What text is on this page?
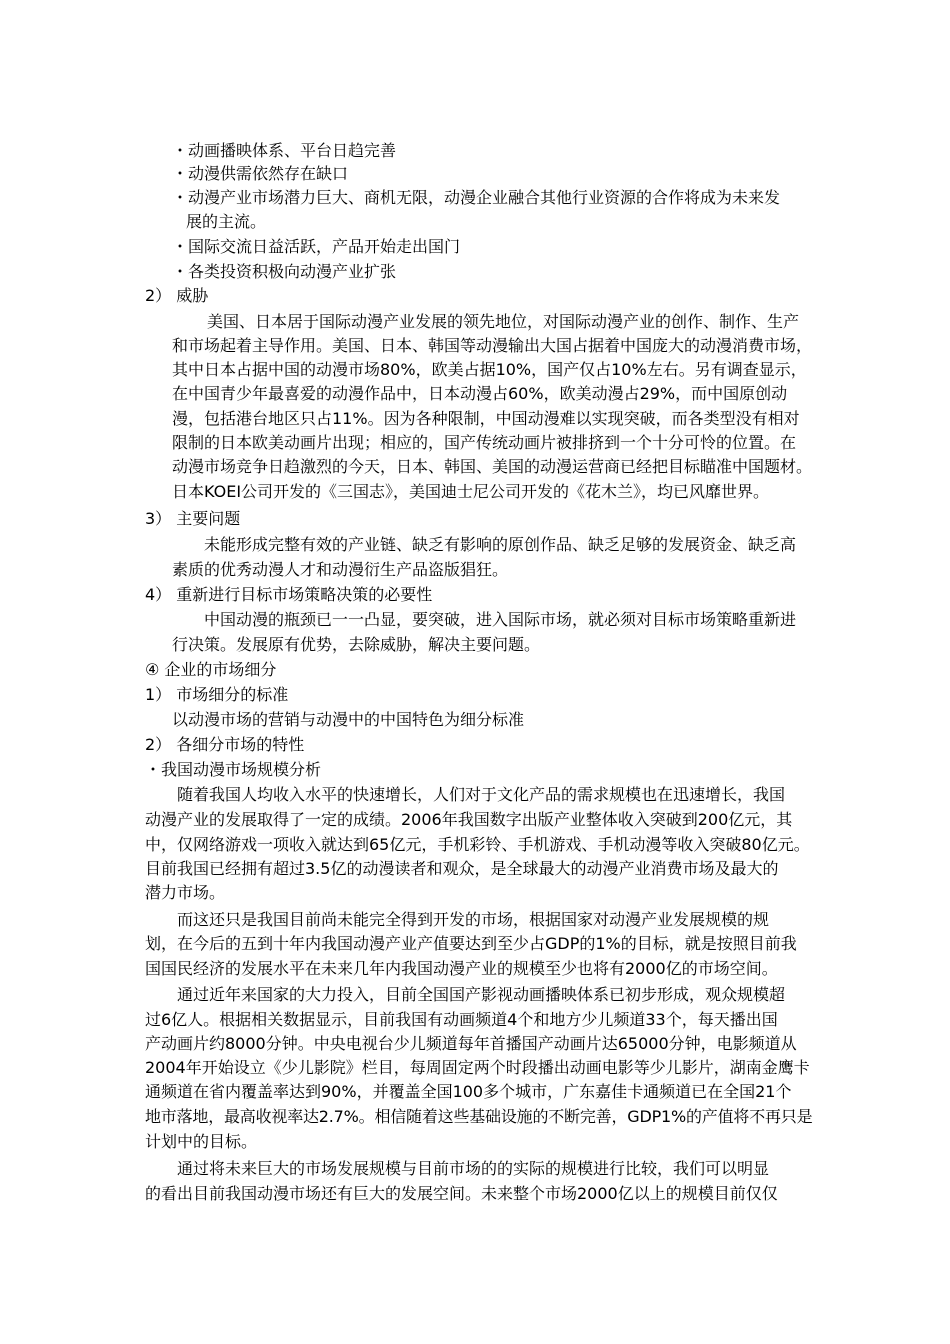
・动画播映体系、平台日趋完善
・动漫供需依然存在缺口
・动漫产业市场潜力巨大、商机无限，动漫企业融合其他行业资源的合作将成为未来发
展的主流。
・国际交流日益活跃，产品开始走出国门
・各类投资积极向动漫产业扩张
2） 威胁
美国、日本居于国际动漫产业发展的领先地位，对国际动漫产业的创作、制作、生产
和市场起着主导作用。美国、日本、韩国等动漫输出大国占据着中国庞大的动漫消费市场，
其中日本占据中国的动漫市场80%，欧美占据10%，国产仅占10%左右。另有调查显示，
在中国青少年最喜爱的动漫作品中，日本动漫占60%，欧美动漫占29%，而中国原创动
漫，包括港台地区只占11%。因为各种限制，中国动漫难以实现突破，而各类型没有相对
限制的日本欧美动画片出现；相应的，国产传统动画片被排挤到一个十分可怜的位置。在
动漫市场竞争日趋激烈的今天，日本、韩国、美国的动漫运营商已经把目标瞄准中国题材。
日本KOEI公司开发的《三国志》，美国迪士尼公司开发的《花木兰》，均已风靡世界。
3） 主要问题
未能形成完整有效的产业链、缺乏有影响的原创作品、缺乏足够的发展资金、缺乏高
素质的优秀动漫人才和动漫衍生产品盗版猖狂。
4） 重新进行目标市场策略决策的必要性
中国动漫的瓶颈已一一凸显，要突破，进入国际市场，就必须对目标市场策略重新进
行决策。发展原有优势，去除威胁，解决主要问题。
④ 企业的市场细分
1） 市场细分的标准
以动漫市场的营销与动漫中的中国特色为细分标准
2） 各细分市场的特性
・我国动漫市场规模分析
随着我国人均收入水平的快速增长，人们对于文化产品的需求规模也在迅速增长，我国
动漫产业的发展取得了一定的成绩。2006年我国数字出版产业整体收入突破到200亿元，其
中，仅网络游戏一项收入就达到65亿元，手机彩铃、手机游戏、手机动漫等收入突破80亿元。
目前我国已经拥有超过3.5亿的动漫读者和观众，是全球最大的动漫产业消费市场及最大的
潜力市场。
而这还只是我国目前尚未能完全得到开发的市场，根据国家对动漫产业发展规模的规
划，在今后的五到十年内我国动漫产业产值要达到至少占GDP的1%的目标，就是按照目前我
国国民经济的发展水平在未来几年内我国动漫产业的规模至少也将有2000亿的市场空间。
通过近年来国家的大力投入，目前全国国产影视动画播映体系已初步形成，观众规模超
过6亿人。根据相关数据显示，目前我国有动画频道4个和地方少儿频道33个，每天播出国
产动画片约8000分钟。中央电视台少儿频道每年首播国产动画片达65000分钟，电影频道从
2004年开始设立《少儿影院》栏目，每周固定两个时段播出动画电影等少儿影片，湖南金鹰卡
通频道在省内覆盖率达到90%，并覆盖全国100多个城市，广东嘉佳卡通频道已在全国21个
地市落地，最高收视率达2.7%。相信随着这些基础设施的不断完善，GDP1%的产值将不再只是
计划中的目标。
通过将未来巨大的市场发展规模与目前市场的的实际的规模进行比较，我们可以明显
的看出目前我国动漫市场还有巨大的发展空间。未来整个市场2000亿以上的规模目前仅仅
